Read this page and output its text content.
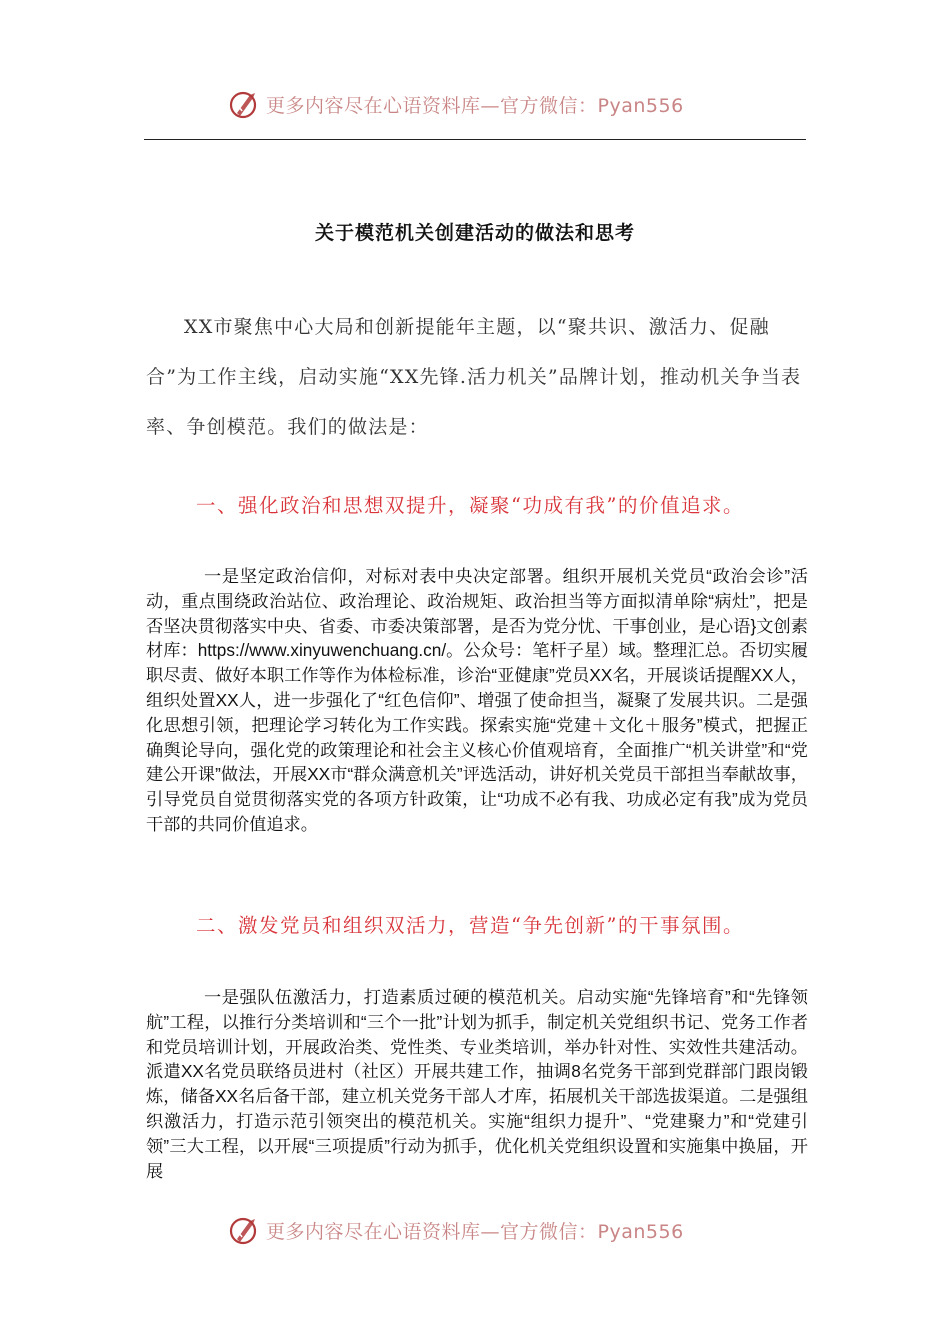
更多内容尽在心语资料库—官方微信：Pyan556
关于模范机关创建活动的做法和思考
XX市聚焦中心大局和创新提能年主题，以“聚共识、激活力、促融合”为工作主线，启动实施“XX先锋.活力机关”品牌计划，推动机关争当表率、争创模范。我们的做法是：
一、强化政治和思想双提升，凝聚“功成有我”的价值追求。
一是坚定政治信仰，对标对表中央决定部署。组织开展机关党员“政治会诊”活动，重点围绕政治站位、政治理论、政治规矩、政治担当等方面拟清单除“病灶”，把是否坚决贯彻落实中央、省委、市委决策部署，是否为党分忧、干事创业，是心语}文创素材库：https://www.xinyuwenchuang.cn/。公众号：笔杆子星）域。整理汇总。否切实履职尽责、做好本职工作等作为体检标准，诊治“亚健康”党员XX名，开展谈话提醒XX人，组织处置XX人，进一步强化了“红色信仰”、增强了使命担当，凝聚了发展共识。二是强化思想引领，把理论学习转化为工作实践。探索实施“党建＋文化＋服务”模式，把握正确舆论导向，强化党的政策理论和社会主义核心价值观培育，全面推广“机关讲堂”和“党建公开课”做法，开展XX市“群众满意机关”评选活动，讲好机关党员干部担当奉献故事，引导党员自觉贯彻落实党的各项方针政策，让“功成不必有我、功成必定有我”成为党员干部的共同价值追求。
二、激发党员和组织双活力，营造“争先创新”的干事氛围。
一是强队伍激活力，打造素质过硬的模范机关。启动实施“先锋培育”和“先锋领航”工程，以推行分类培训和“三个一批”计划为抓手，制定机关党组织书记、党务工作者和党员培训计划，开展政治类、党性类、专业类培训，举办针对性、实效性共建活动。派遣XX名党员联络员进村（社区）开展共建工作，抽调8名党务干部到党群部门跟岗锻炼，储备XX名后备干部，建立机关党务干部人才库，拓展机关干部选拔渠道。二是强组织激活力，打造示范引领突出的模范机关。实施“组织力提升”、“党建聚力”和“党建引领”三大工程，以开展“三项提质”行动为抓手，优化机关党组织设置和实施集中换届，开展
更多内容尽在心语资料库—官方微信：Pyan556
